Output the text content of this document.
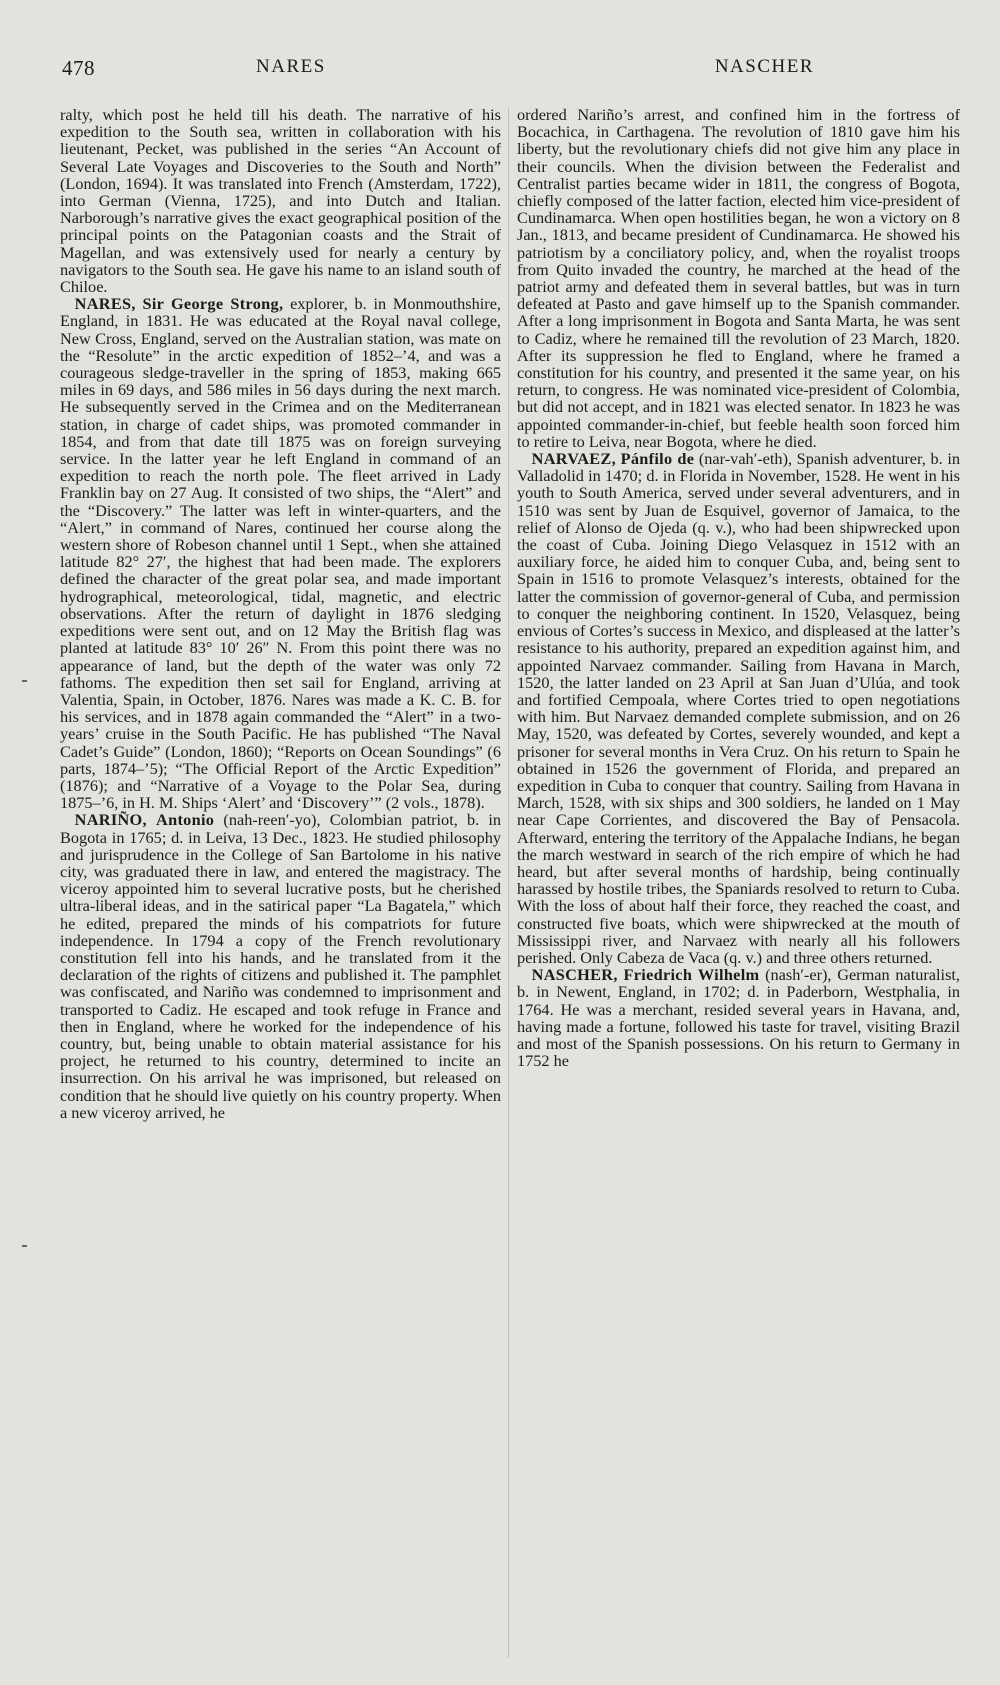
478	NARES	NASCHER

ralty, which post he held till his death. The narrative of his expedition to the South sea, written in collaboration with his lieutenant, Pecket, was published in the series “An Account of Several Late Voyages and Discoveries to the South and North” (London, 1694). It was translated into French (Amsterdam, 1722), into German (Vienna, 1725), and into Dutch and Italian. Narborough’s narrative gives the exact geographical position of the principal points on the Patagonian coasts and the Strait of Magellan, and was extensively used for nearly a century by navigators to the South sea. He gave his name to an island south of Chiloe.

NARES, Sir George Strong, explorer, b. in Monmouthshire, England, in 1831. He was educated at the Royal naval college, New Cross, England, served on the Australian station, was mate on the “Resolute” in the arctic expedition of 1852–’4, and was a courageous sledge-traveller in the spring of 1853, making 665 miles in 69 days, and 586 miles in 56 days during the next march. He subsequently served in the Crimea and on the Mediterranean station, in charge of cadet ships, was promoted commander in 1854, and from that date till 1875 was on foreign surveying service. In the latter year he left England in command of an expedition to reach the north pole. The fleet arrived in Lady Franklin bay on 27 Aug. It consisted of two ships, the “Alert” and the “Discovery.” The latter was left in winter-quarters, and the “Alert,” in command of Nares, continued her course along the western shore of Robeson channel until 1 Sept., when she attained latitude 82° 27′, the highest that had been made. The explorers defined the character of the great polar sea, and made important hydrographical, meteorological, tidal, magnetic, and electric observations. After the return of daylight in 1876 sledging expeditions were sent out, and on 12 May the British flag was planted at latitude 83° 10′ 26″ N. From this point there was no appearance of land, but the depth of the water was only 72 fathoms. The expedition then set sail for England, arriving at Valentia, Spain, in October, 1876. Nares was made a K. C. B. for his services, and in 1878 again commanded the “Alert” in a two-years’ cruise in the South Pacific. He has published “The Naval Cadet’s Guide” (London, 1860); “Reports on Ocean Soundings” (6 parts, 1874–’5); “The Official Report of the Arctic Expedition” (1876); and “Narrative of a Voyage to the Polar Sea, during 1875–’6, in H. M. Ships ‘Alert’ and ‘Discovery’” (2 vols., 1878).

NARIÑO, Antonio (nah-reen′-yo), Colombian patriot, b. in Bogota in 1765; d. in Leiva, 13 Dec., 1823. He studied philosophy and jurisprudence in the College of San Bartolome in his native city, was graduated there in law, and entered the magistracy. The viceroy appointed him to several lucrative posts, but he cherished ultra-liberal ideas, and in the satirical paper “La Bagatela,” which he edited, prepared the minds of his compatriots for future independence. In 1794 a copy of the French revolutionary constitution fell into his hands, and he translated from it the declaration of the rights of citizens and published it. The pamphlet was confiscated, and Nariño was condemned to imprisonment and transported to Cadiz. He escaped and took refuge in France and then in England, where he worked for the independence of his country, but, being unable to obtain material assistance for his project, he returned to his country, determined to incite an insurrection. On his arrival he was imprisoned, but released on condition that he should live quietly on his country property. When a new viceroy arrived, he

ordered Nariño’s arrest, and confined him in the fortress of Bocachica, in Carthagena. The revolution of 1810 gave him his liberty, but the revolutionary chiefs did not give him any place in their councils. When the division between the Federalist and Centralist parties became wider in 1811, the congress of Bogota, chiefly composed of the latter faction, elected him vice-president of Cundinamarca. When open hostilities began, he won a victory on 8 Jan., 1813, and became president of Cundinamarca. He showed his patriotism by a conciliatory policy, and, when the royalist troops from Quito invaded the country, he marched at the head of the patriot army and defeated them in several battles, but was in turn defeated at Pasto and gave himself up to the Spanish commander. After a long imprisonment in Bogota and Santa Marta, he was sent to Cadiz, where he remained till the revolution of 23 March, 1820. After its suppression he fled to England, where he framed a constitution for his country, and presented it the same year, on his return, to congress. He was nominated vice-president of Colombia, but did not accept, and in 1821 was elected senator. In 1823 he was appointed commander-in-chief, but feeble health soon forced him to retire to Leiva, near Bogota, where he died.

NARVAEZ, Pánfilo de (nar-vah′-eth), Spanish adventurer, b. in Valladolid in 1470; d. in Florida in November, 1528. He went in his youth to South America, served under several adventurers, and in 1510 was sent by Juan de Esquivel, governor of Jamaica, to the relief of Alonso de Ojeda (q. v.), who had been shipwrecked upon the coast of Cuba. Joining Diego Velasquez in 1512 with an auxiliary force, he aided him to conquer Cuba, and, being sent to Spain in 1516 to promote Velasquez’s interests, obtained for the latter the commission of governor-general of Cuba, and permission to conquer the neighboring continent. In 1520, Velasquez, being envious of Cortes’s success in Mexico, and displeased at the latter’s resistance to his authority, prepared an expedition against him, and appointed Narvaez commander. Sailing from Havana in March, 1520, the latter landed on 23 April at San Juan d’Ulúa, and took and fortified Cempoala, where Cortes tried to open negotiations with him. But Narvaez demanded complete submission, and on 26 May, 1520, was defeated by Cortes, severely wounded, and kept a prisoner for several months in Vera Cruz. On his return to Spain he obtained in 1526 the government of Florida, and prepared an expedition in Cuba to conquer that country. Sailing from Havana in March, 1528, with six ships and 300 soldiers, he landed on 1 May near Cape Corrientes, and discovered the Bay of Pensacola. Afterward, entering the territory of the Appalache Indians, he began the march westward in search of the rich empire of which he had heard, but after several months of hardship, being continually harassed by hostile tribes, the Spaniards resolved to return to Cuba. With the loss of about half their force, they reached the coast, and constructed five boats, which were shipwrecked at the mouth of Mississippi river, and Narvaez with nearly all his followers perished. Only Cabeza de Vaca (q. v.) and three others returned.

NASCHER, Friedrich Wilhelm (nash′-er), German naturalist, b. in Newent, England, in 1702; d. in Paderborn, Westphalia, in 1764. He was a merchant, resided several years in Havana, and, having made a fortune, followed his taste for travel, visiting Brazil and most of the Spanish possessions. On his return to Germany in 1752 he
